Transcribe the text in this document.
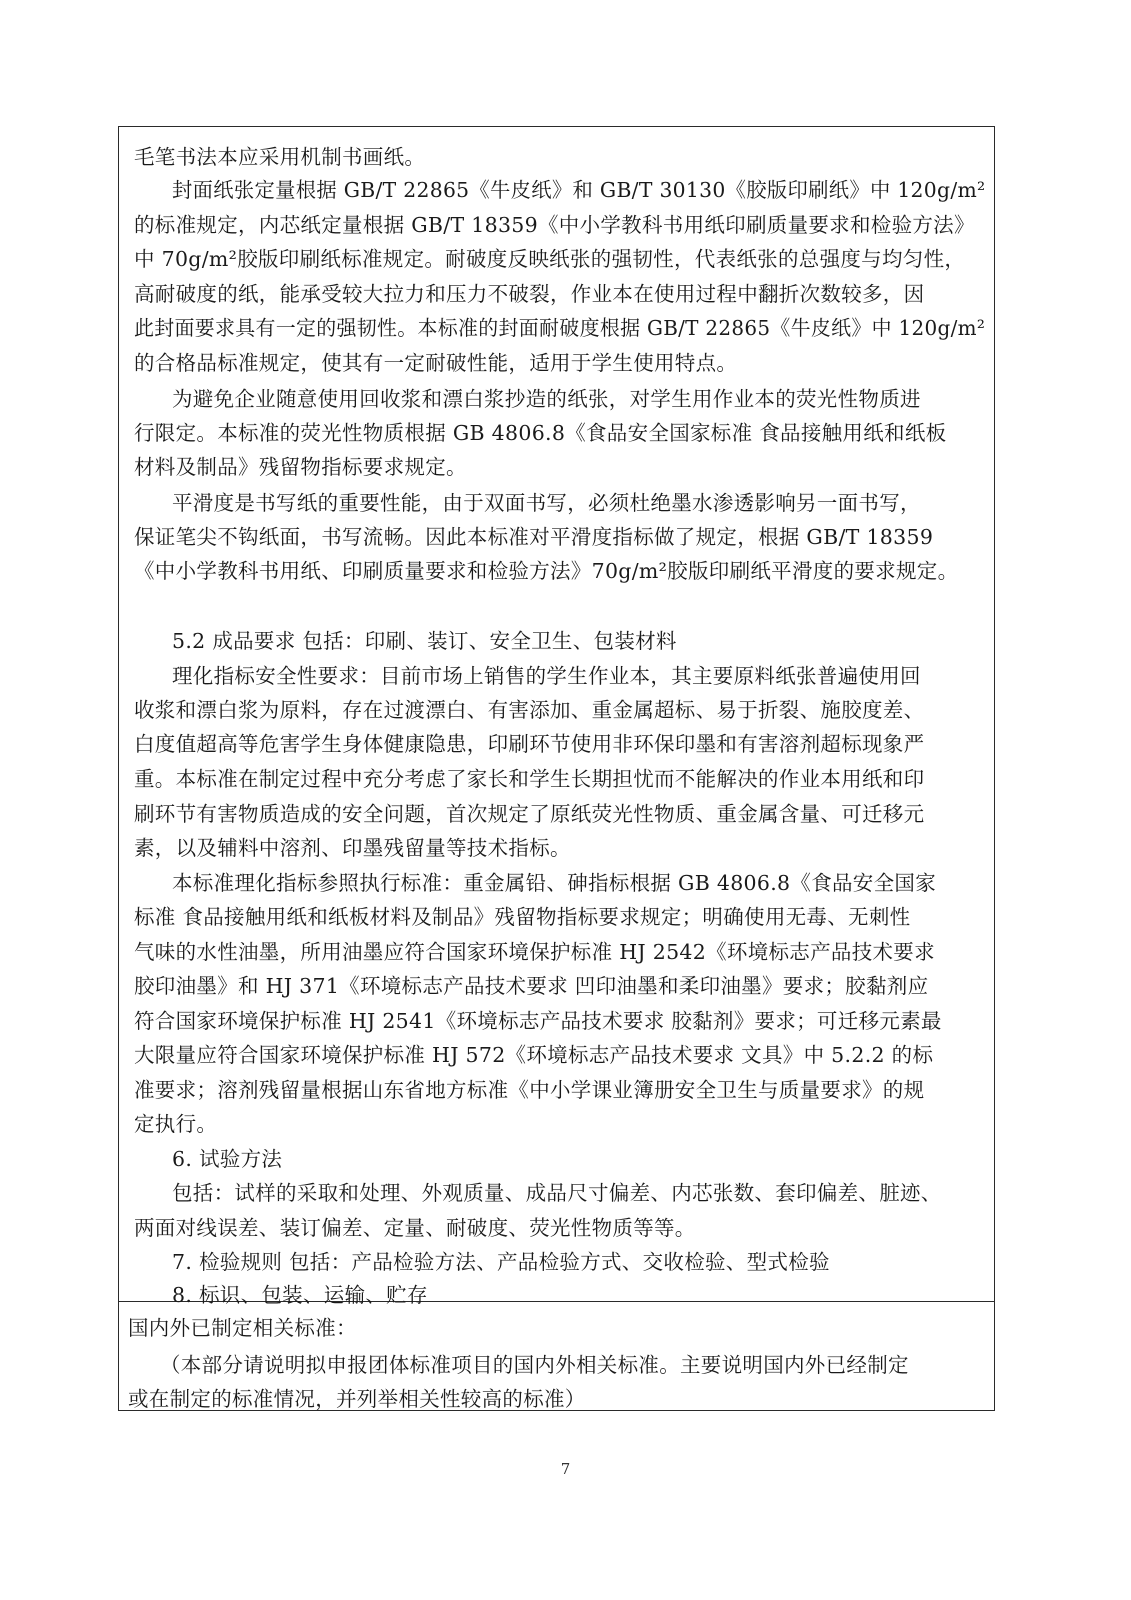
毛笔书法本应采用机制书画纸。
封面纸张定量根据 GB/T 22865《牛皮纸》和 GB/T 30130《胶版印刷纸》中 120g/m²
的标准规定，内芯纸定量根据 GB/T 18359《中小学教科书用纸印刷质量要求和检验方法》
中 70g/m²胶版印刷纸标准规定。耐破度反映纸张的强韧性，代表纸张的总强度与均匀性，
高耐破度的纸，能承受较大拉力和压力不破裂，作业本在使用过程中翻折次数较多，因
此封面要求具有一定的强韧性。本标准的封面耐破度根据 GB/T 22865《牛皮纸》中 120g/m²
的合格品标准规定，使其有一定耐破性能，适用于学生使用特点。
为避免企业随意使用回收浆和漂白浆抄造的纸张，对学生用作业本的荧光性物质进
行限定。本标准的荧光性物质根据 GB 4806.8《食品安全国家标准 食品接触用纸和纸板
材料及制品》残留物指标要求规定。
平滑度是书写纸的重要性能，由于双面书写，必须杜绝墨水渗透影响另一面书写，
保证笔尖不钩纸面，书写流畅。因此本标准对平滑度指标做了规定，根据 GB/T 18359
《中小学教科书用纸、印刷质量要求和检验方法》70g/m²胶版印刷纸平滑度的要求规定。
5.2 成品要求 包括：印刷、装订、安全卫生、包装材料
理化指标安全性要求：目前市场上销售的学生作业本，其主要原料纸张普遍使用回
收浆和漂白浆为原料，存在过渡漂白、有害添加、重金属超标、易于折裂、施胶度差、
白度值超高等危害学生身体健康隐患，印刷环节使用非环保印墨和有害溶剂超标现象严
重。本标准在制定过程中充分考虑了家长和学生长期担忧而不能解决的作业本用纸和印
刷环节有害物质造成的安全问题，首次规定了原纸荧光性物质、重金属含量、可迁移元
素，以及辅料中溶剂、印墨残留量等技术指标。
本标准理化指标参照执行标准：重金属铅、砷指标根据 GB 4806.8《食品安全国家
标准 食品接触用纸和纸板材料及制品》残留物指标要求规定；明确使用无毒、无刺性
气味的水性油墨，所用油墨应符合国家环境保护标准 HJ 2542《环境标志产品技术要求
胶印油墨》和 HJ 371《环境标志产品技术要求 凹印油墨和柔印油墨》要求；胶黏剂应
符合国家环境保护标准 HJ 2541《环境标志产品技术要求 胶黏剂》要求；可迁移元素最
大限量应符合国家环境保护标准 HJ 572《环境标志产品技术要求 文具》中 5.2.2 的标
准要求；溶剂残留量根据山东省地方标准《中小学课业簿册安全卫生与质量要求》的规
定执行。
6. 试验方法
包括：试样的采取和处理、外观质量、成品尺寸偏差、内芯张数、套印偏差、脏迹、
两面对线误差、装订偏差、定量、耐破度、荧光性物质等等。
7. 检验规则 包括：产品检验方法、产品检验方式、交收检验、型式检验
8. 标识、包装、运输、贮存
国内外已制定相关标准：
（本部分请说明拟申报团体标准项目的国内外相关标准。主要说明国内外已经制定
或在制定的标准情况，并列举相关性较高的标准）
7
